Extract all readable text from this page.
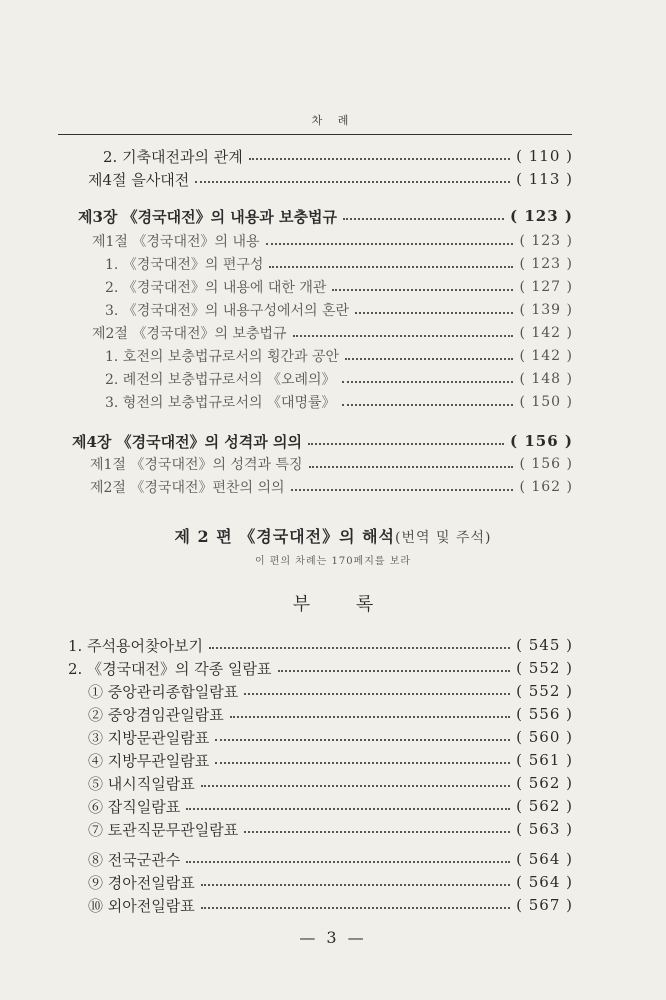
차 례
2. 기축대전과의 관계	( 110 )
제4절 을사대전	( 113 )
제3장 《경국대전》의 내용과 보충법규	( 123 )
제1절 《경국대전》의 내용	( 123 )
1. 《경국대전》의 편구성	( 123 )
2. 《경국대전》의 내용에 대한 개관	( 127 )
3. 《경국대전》의 내용구성에서의 혼란	( 139 )
제2절 《경국대전》의 보충법규	( 142 )
1. 호전의 보충법규로서의 횡간과 공안	( 142 )
2. 례전의 보충법규로서의 《오례의》	( 148 )
3. 형전의 보충법규로서의 《대명률》	( 150 )
제4장 《경국대전》의 성격과 의의	( 156 )
제1절 《경국대전》의 성격과 특징	( 156 )
제2절 《경국대전》편찬의 의의	( 162 )
제 2 편 《경국대전》의 해석(번역 및 주석)
이 편의 차례는 170페지를 보라
부 록
1. 주석용어찾아보기	( 545 )
2. 《경국대전》의 각종 일람표	( 552 )
① 중앙관리종합일람표	( 552 )
② 중앙겸임관일람표	( 556 )
③ 지방문관일람표	( 560 )
④ 지방무관일람표	( 561 )
⑤ 내시직일람표	( 562 )
⑥ 잡직일람표	( 562 )
⑦ 토관직문무관일람표	( 563 )
⑧ 전국군관수	( 564 )
⑨ 경아전일람표	( 564 )
⑩ 외아전일람표	( 567 )
— 3 —
